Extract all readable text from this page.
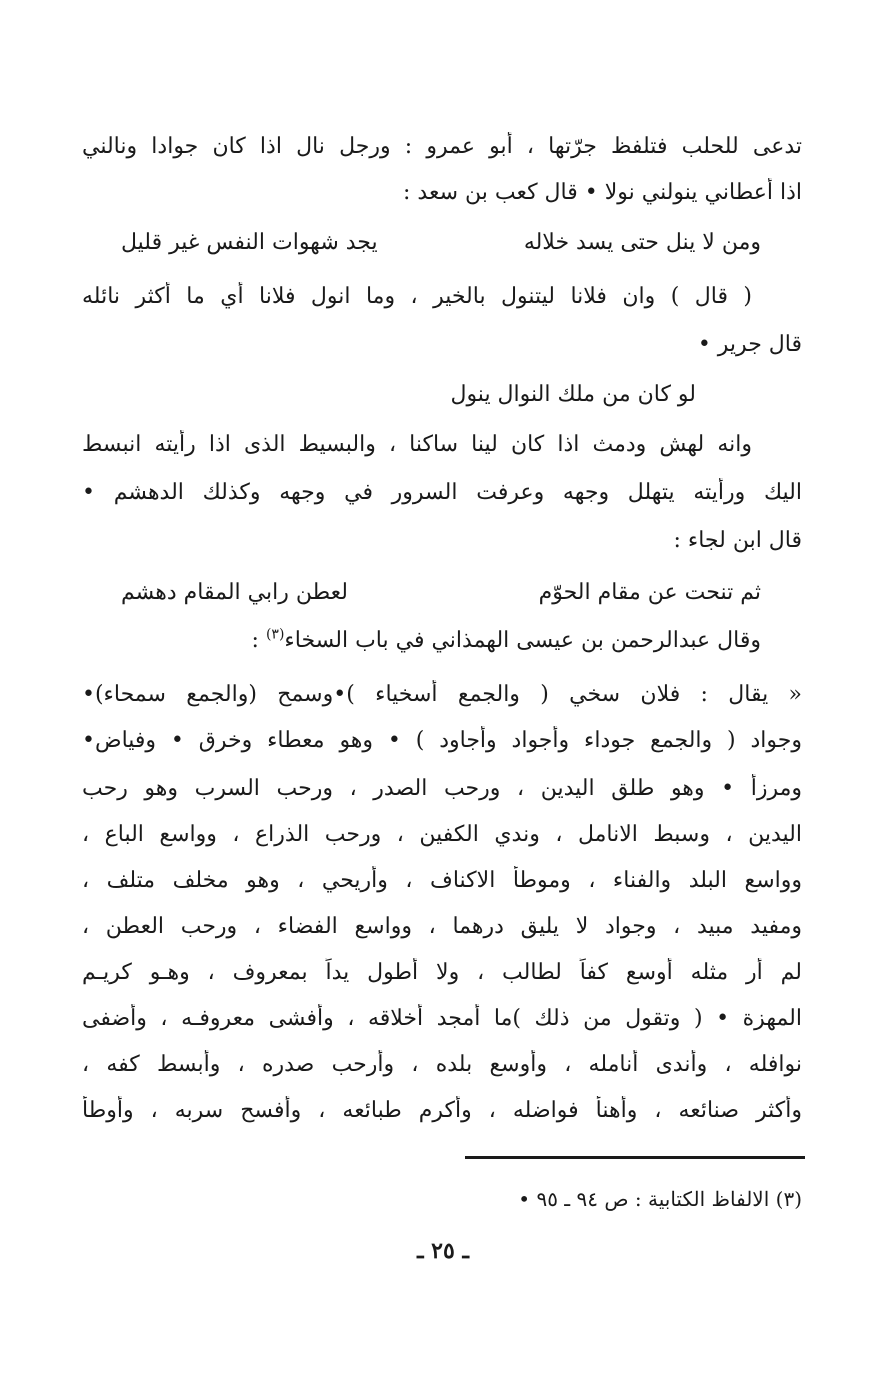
تدعى للحلب فتلفظ جرّتها ، أبو عمرو : ورجل نال اذا كان جوادا ونالني
اذا أعطاني ينولني نولا • قال كعب بن سعد :
ومن لا ينل حتى يسد خلاله
يجد شهوات النفس غير قليل
( قال ) وان فلانا ليتنول بالخير ، وما انول فلانا أي ما أكثر نائله
قال جرير •
لو كان من ملك النوال ينول
وانه لهش ودمث اذا كان لينا ساكنا ، والبسيط الذى اذا رأيته انبسط
اليك ورأيته يتهلل وجهه وعرفت السرور في وجهه وكذلك الدهشم •
قال ابن لجاء :
ثم تنحت عن مقام الحوّم
لعطن رابي المقام دهشم
وقال عبدالرحمن بن عيسى الهمذاني في باب السخاء$^{(٣)}$ :
« يقال : فلان سخي ( والجمع أسخياء )•وسمح (والجمع سمحاء)•
وجواد ( والجمع جوداء وأجواد وأجاود ) • وهو معطاء وخرق • وفياض•
ومرزأ • وهو طلق اليدين ، ورحب الصدر ، ورحب السرب وهو رحب
اليدين ، وسبط الانامل ، وندي الكفين ، ورحب الذراع ، وواسع الباع ،
وواسع البلد والفناء ، وموطأ الاكناف ، وأريحي ، وهو مخلف متلف ،
ومفيد مبيد ، وجواد لا يليق درهما ، وواسع الفضاء ، ورحب العطن ،
لم أر مثله أوسع كفاً لطالب ، ولا أطول يداً بمعروف ، وهـو كريـم
المهزة • ( وتقول من ذلك )ما أمجد أخلاقه ، وأفشى معروفـه ، وأضفى
نوافله ، وأندى أنامله ، وأوسع بلده ، وأرحب صدره ، وأبسط كفه ،
وأكثر صنائعه ، وأهنأ فواضله ، وأكرم طبائعه ، وأفسح سربه ، وأوطأ
(٣) الالفاظ الكتابية : ص ٩٤ ـ ٩٥ •
ـ ٢٥ ـ
